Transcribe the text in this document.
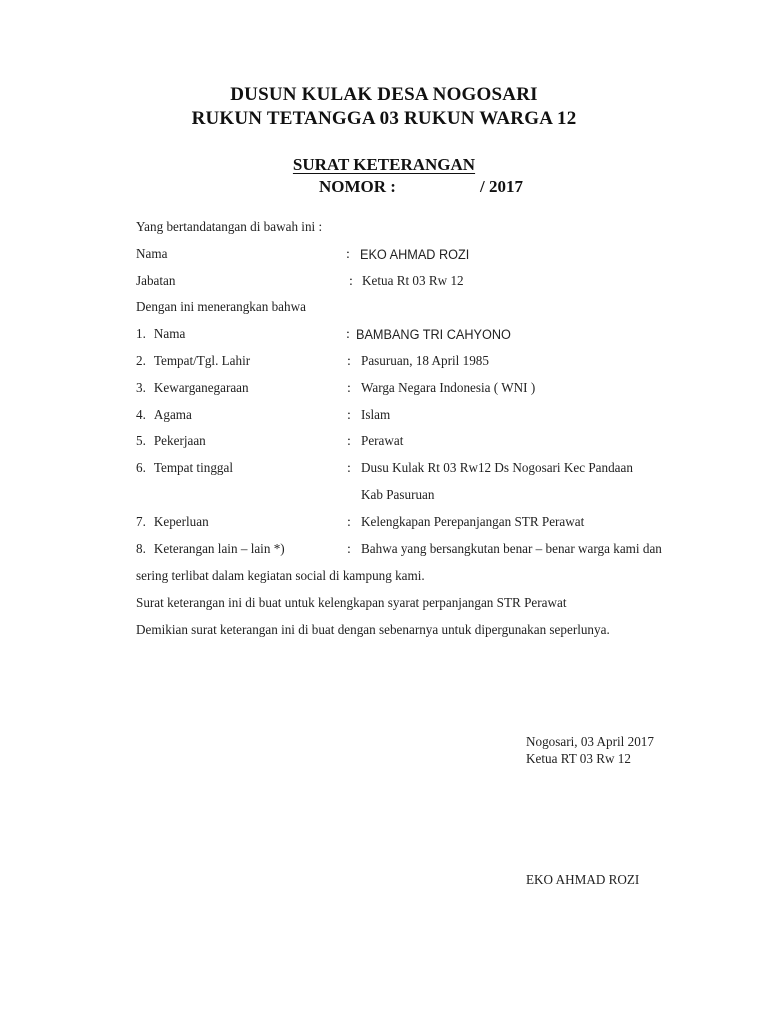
DUSUN KULAK DESA NOGOSARI
RUKUN TETANGGA 03 RUKUN WARGA 12
SURAT KETERANGAN
NOMOR :	/ 2017
Yang bertandatangan di bawah ini :
Nama	: EKO AHMAD ROZI
Jabatan	: Ketua Rt 03 Rw 12
Dengan ini menerangkan bahwa
1. Nama	: BAMBANG TRI CAHYONO
2. Tempat/Tgl. Lahir	: Pasuruan, 18 April 1985
3. Kewarganegaraan	: Warga Negara Indonesia ( WNI )
4. Agama	: Islam
5. Pekerjaan	: Perawat
6. Tempat tinggal	: Dusu Kulak Rt 03 Rw12 Ds Nogosari Kec Pandaan
Kab Pasuruan
7. Keperluan	: Kelengkapan Perepanjangan STR Perawat
8. Keterangan lain – lain *)	: Bahwa yang bersangkutan benar – benar warga kami dan
sering terlibat dalam kegiatan social di kampung kami.
Surat keterangan ini di buat untuk kelengkapan syarat perpanjangan STR Perawat
Demikian surat keterangan ini di buat dengan sebenarnya untuk dipergunakan seperlunya.
Nogosari, 03 April 2017
Ketua RT 03 Rw 12
EKO AHMAD ROZI
